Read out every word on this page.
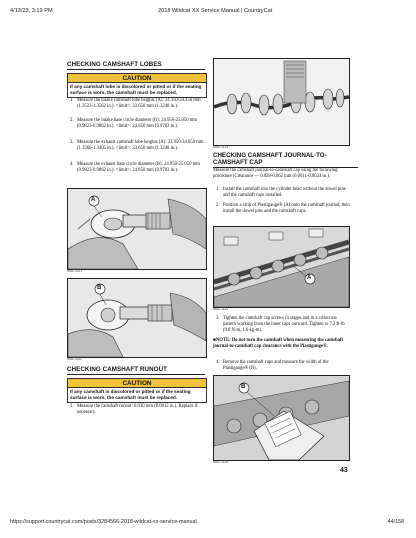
4/13/23, 3:19 PM	2018 Wildcat XX Service Manual | CountryCat
https://support.countrycat.com/posts/3284566-2018-wildcat-xx-service-manual	44/158
CHECKING CAMSHAFT LOBES
CAUTION
If any camshaft lobe is discolored or pitted or if the seating surface is worn, the camshaft must be replaced.
1. Measure the intake camshaft lobe heights (A): 34.350-34.450 mm (1.3523-1.3562 in.). <limit>: 33.650 mm (1.3248 in.).
2. Measure the intake base circle diameter (B): 24.950-25.050 mm (0.9823-0.9862 in.). <limit>: 24.850 mm (0.9783 in.).
3. Measure the exhaust camshaft lobe heights (A): 33.950-34.050 mm (1.3366-1.3405 in.). <limit>: 33.650 mm (1.3248 in.).
4. Measure the exhaust base circle diameter (B): 24.950-25.050 mm (0.9823-0.9862 in.). <limit>: 24.850 mm (0.9783 in.).
A
SMC-1121
B
SMC-1122
CHECKING CAMSHAFT RUNOUT
CAUTION
If any camshaft is discolored or pitted or if the seating surface is worn, the camshaft must be replaced.
1. Measure the camshaft runout: 0.030 mm (0.0012 in.). Replace if necessary.
SMC-1123
CHECKING CAMSHAFT JOURNAL-TO-
CAMSHAFT CAP
Measure the camshaft journal-to-camshaft cap using the following procedure (Clearance — 0.028-0.062 mm (0.0011-0.0024 in.).
1. Install the camshaft into the cylinder head without the dowel pins and the camshaft caps installed.
2. Position a strip of Plastigauge® (A) onto the camshaft journal; then install the dowel pins and the camshaft caps.
A
SMC-1124
3. Tighten the camshaft cap screws in stages and in a crisscross pattern working from the inner caps outward. Tighten to 7.2 ft-lb (9.8 N-m, 1.0 kg-m).
■NOTE: Do not turn the camshaft when measuring the camshaft journal-to-camshaft cap clearance with the Plastigauge®.
4. Remove the camshaft caps and measure the width of the Plastigauge® (B).
B
SMC-1125
43
